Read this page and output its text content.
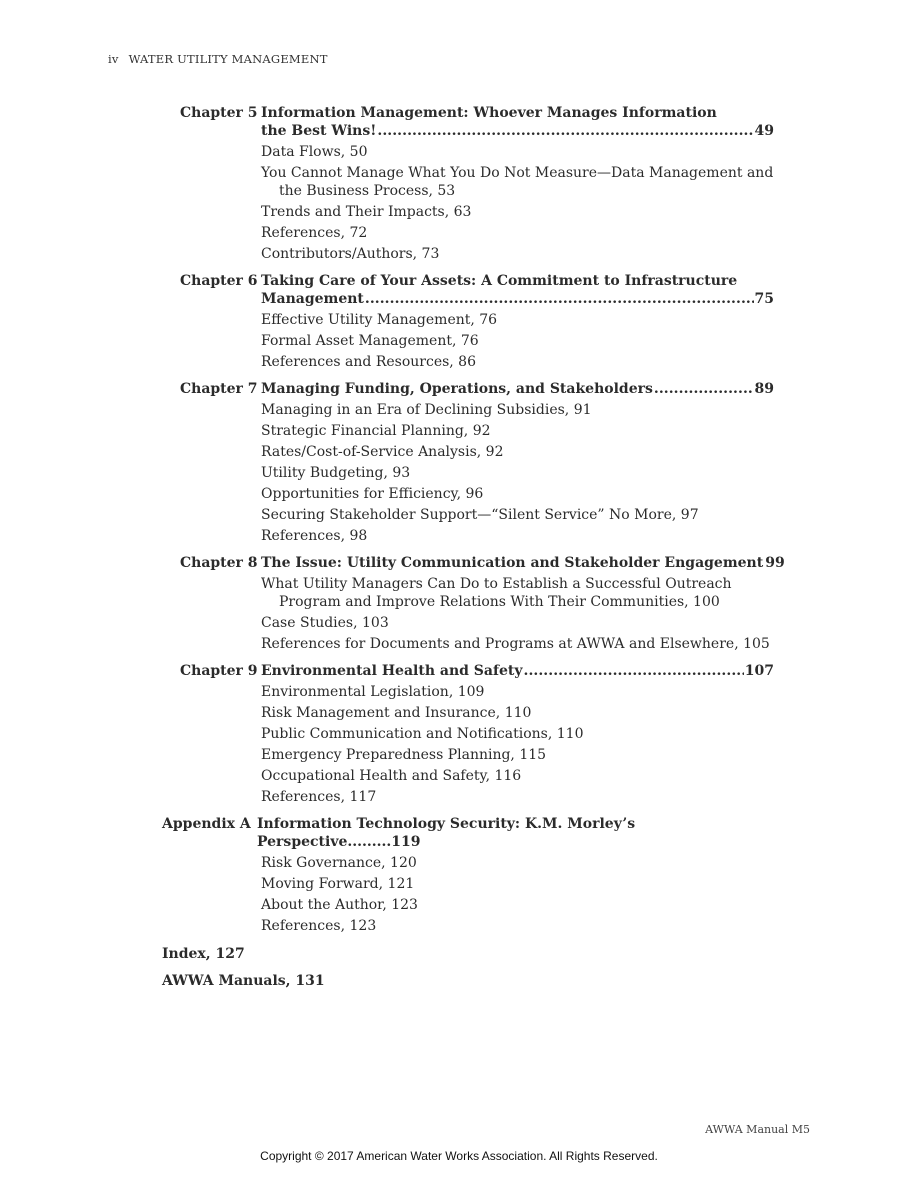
iv WATER UTILITY MANAGEMENT
Chapter 5 Information Management: Whoever Manages Information
the Best Wins! . . .	49
Data Flows, 50
You Cannot Manage What You Do Not Measure—Data Management and the Business Process, 53
Trends and Their Impacts, 63
References, 72
Contributors/Authors, 73
Chapter 6 Taking Care of Your Assets: A Commitment to Infrastructure
Management . . .	75
Effective Utility Management, 76
Formal Asset Management, 76
References and Resources, 86
Chapter 7 Managing Funding, Operations, and Stakeholders . . .	89
Managing in an Era of Declining Subsidies, 91
Strategic Financial Planning, 92
Rates/Cost-of-Service Analysis, 92
Utility Budgeting, 93
Opportunities for Efficiency, 96
Securing Stakeholder Support—“Silent Service” No More, 97
References, 98
Chapter 8 The Issue: Utility Communication and Stakeholder Engagement 99
What Utility Managers Can Do to Establish a Successful Outreach Program and Improve Relations With Their Communities, 100
Case Studies, 103
References for Documents and Programs at AWWA and Elsewhere, 105
Chapter 9 Environmental Health and Safety . . .	107
Environmental Legislation, 109
Risk Management and Insurance, 110
Public Communication and Notifications, 110
Emergency Preparedness Planning, 115
Occupational Health and Safety, 116
References, 117
Appendix A Information Technology Security: K.M. Morley’s Perspective.........119
Risk Governance, 120
Moving Forward, 121
About the Author, 123
References, 123
Index, 127
AWWA Manuals, 131
AWWA Manual M5
Copyright © 2017 American Water Works Association. All Rights Reserved.
